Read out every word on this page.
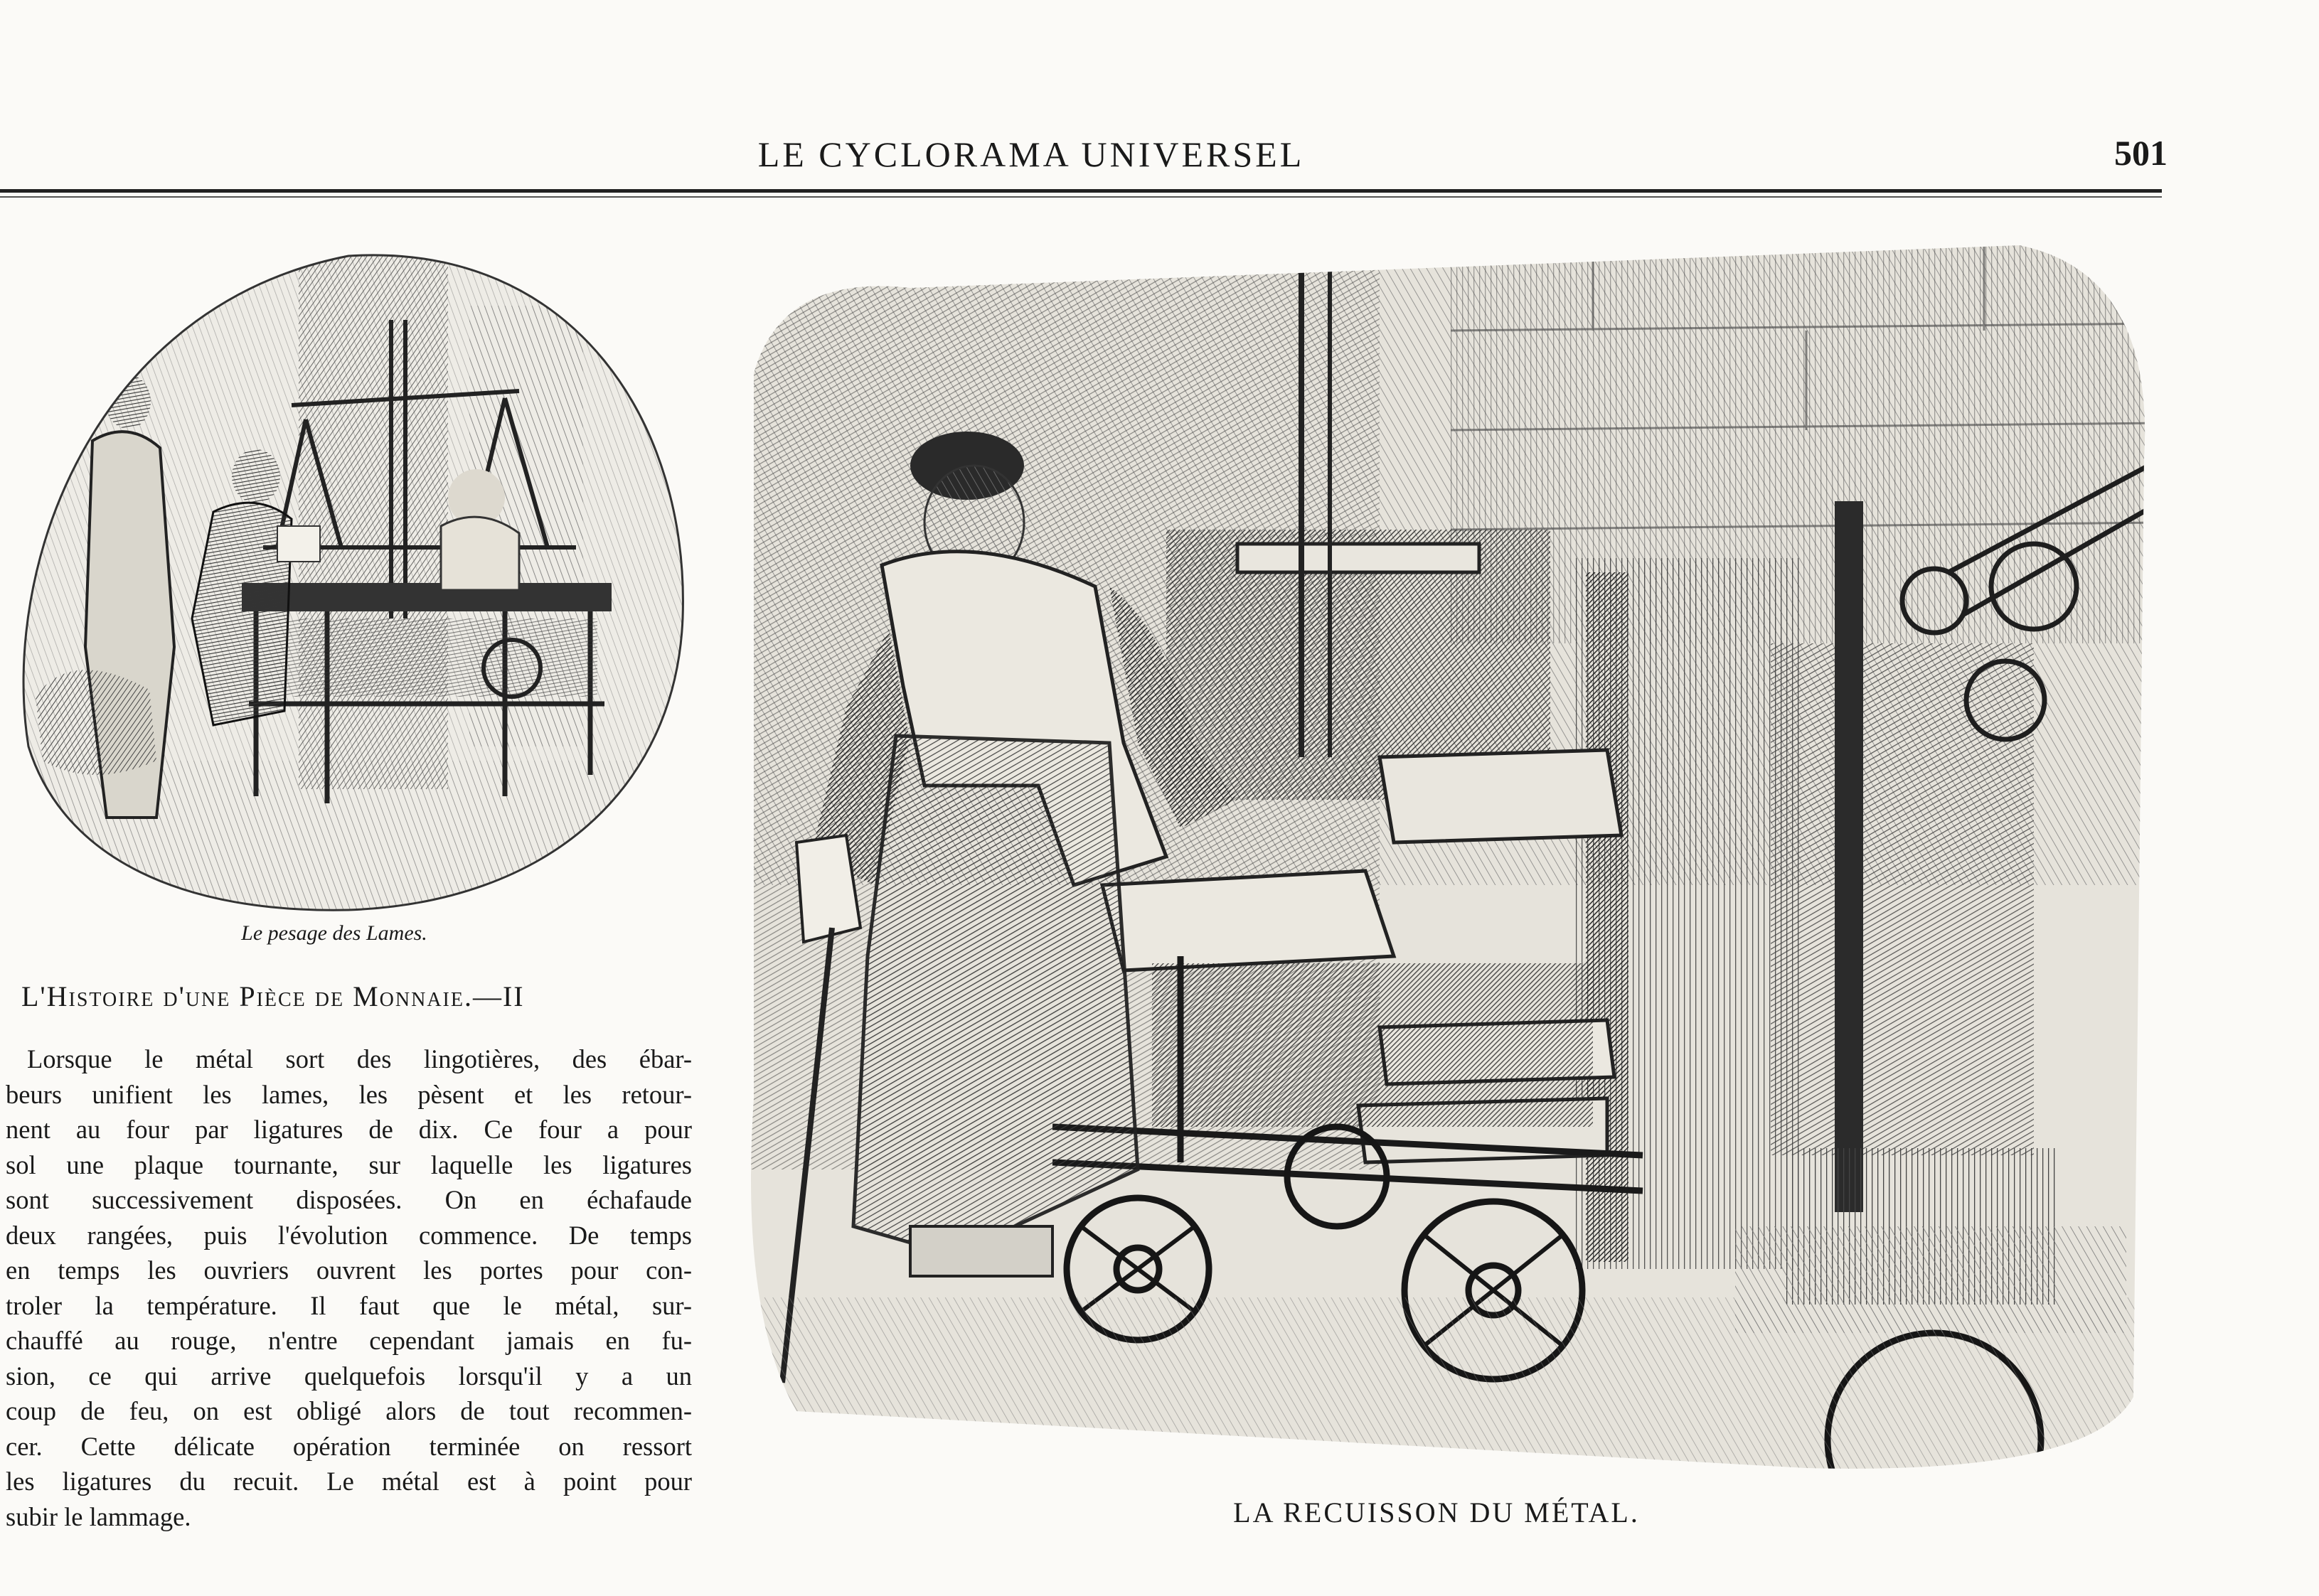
LE CYCLORAMA UNIVERSEL	501
Le pesage des Lames.
L'Histoire d'une Pièce de Monnaie.—II
Lorsque le métal sort des lingotières, des ébar-
beurs unifient les lames, les pèsent et les retour-
nent au four par ligatures de dix. Ce four a pour
sol une plaque tournante, sur laquelle les ligatures
sont successivement disposées. On en échafaude
deux rangées, puis l'évolution commence. De temps
en temps les ouvriers ouvrent les portes pour con-
troler la température. Il faut que le métal, sur-
chauffé au rouge, n'entre cependant jamais en fu-
sion, ce qui arrive quelquefois lorsqu'il y a un
coup de feu, on est obligé alors de tout recommen-
cer. Cette délicate opération terminée on ressort
les ligatures du recuit. Le métal est à point pour
subir le lammage.	LA RECUISSON DU MÉTAL.
